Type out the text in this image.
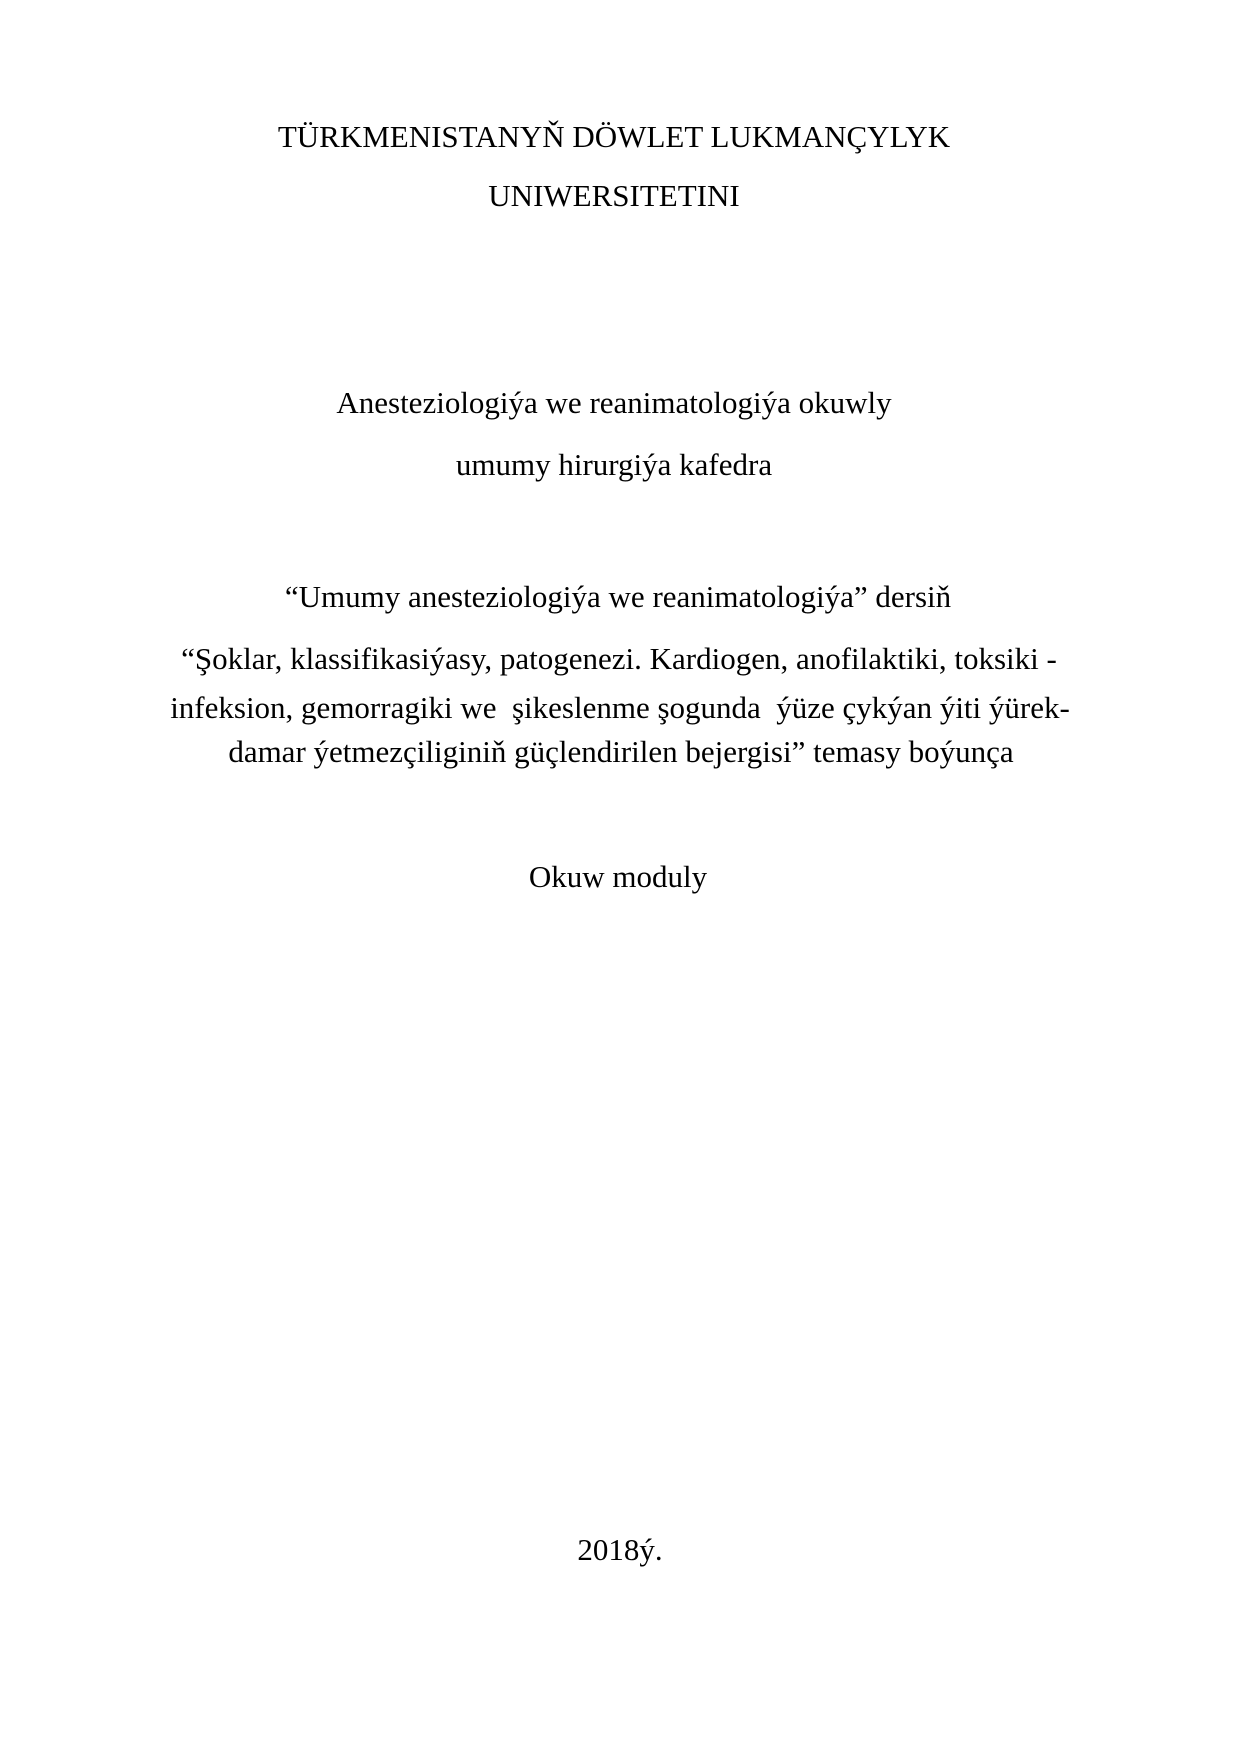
TÜRKMENISTANYŇ DÖWLET LUKMANÇYLYK
UNIWERSITETINI
Anesteziologiýa we reanimatologiýa okuwly
umumy hirurgiýa kafedra
“Umumy anesteziologiýa we reanimatologiýa” dersiň
“Şoklar, klassifikasiýasy, patogenezi. Kardiogen, anofilaktiki, toksiki -
infeksion, gemorragiki we  şikeslenme şogunda  ýüze çykýan ýiti ýürek-
damar ýetmezçiliginiň güçlendirilen bejergisi” temasy boýunça
Okuw moduly
2018ý.
